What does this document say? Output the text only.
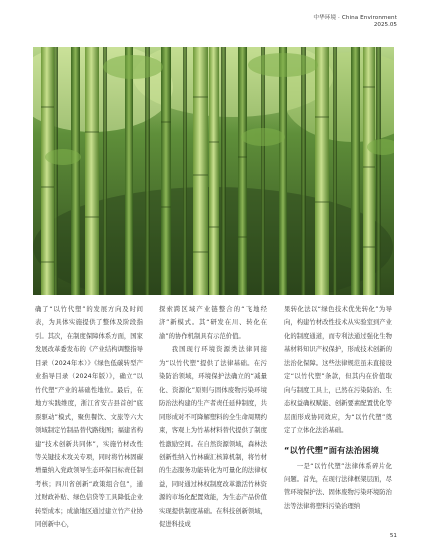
中华环境 · China Environment
2025.05

确了“以竹代塑”的发展方向及时间表，为具体实施提供了整体及阶段指引。其次，在制度保障体系方面，国家发展改革委发布的《产业结构调整指导目录（2024年本）》《绿色低碳转型产业指导目录（2024年版）》，确立“以竹代塑”产业的基础性地位。最后，在地方实践维度，浙江省安吉县首创“底票驱动”模式，聚焦餐饮、文旅等六大领域制定竹制品替代路线图；福建省构建“技术创新共同体”，实施竹材改性等关键技术攻关专项，同时将竹林固碳增量纳入党政领导生态环保目标责任制考核；四川省创新“政策组合包”，通过财政补贴、绿色信贷等工具降低企业转型成本；成渝地区通过建立竹产业协同创新中心，

探索跨区域产业链整合的“飞地经济”新模式。其“研发在川、转化在渝”的协作机制具有示范价值。

我国现行环境资源类法律同接为“以竹代塑”提供了法律基础。在污染防治领域，环境保护法确立的“减量化、资源化”原则与固体废物污染环境防治法构建的生产者责任延伸制度，共同形成对不可降解塑料的全生命周期约束，客观上为竹基材料替代提供了制度性激励空间。在自然资源领域，森林法创新性纳入竹林碳汇核算机制，将竹材的生态服务功能转化为可量化的法律权益，同时通过林权制度改革激活竹林资源的市场化配置效能，为生态产品价值实现提供制度基础。在科技创新领域，促进科技成

果转化法以“绿色技术优先转化”为导向，构建竹材改性技术从实验室到产业化的制度通道，而专利法通过强化生物基材料知识产权保护，形成技术创新的法治化保障。这些法律规范虽未直接设定“以竹代塑”条款，但其内在价值取向与制度工具上，已然在污染防治、生态权益确权赋能、创新要素配置优化等层面形成协同效应，为“以竹代塑”奠定了立体化法治基础。

“以竹代塑”面有法治困境

一是“以竹代塑”法律体系碎片化问题。首先，在现行法律框架层面，尽管环境保护法、固体废物污染环境防治法等法律将塑料污染治理纳

51
